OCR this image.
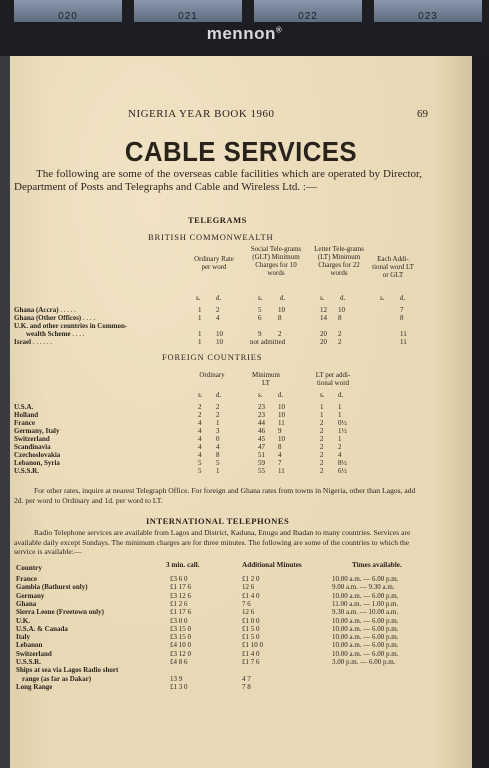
020	021	022	023
mennon®
NIGERIA YEAR BOOK 1960	69
CABLE SERVICES
The following are some of the overseas cable facilities which are operated by Director, Department of Posts and Telegraphs and Cable and Wireless Ltd. :—
TELEGRAMS
BRITISH COMMONWEALTH
Ordinary Rate per word
Social Tele-grams (GLT) Minimum Charges for 10 words
Letter Tele-grams (LT) Minimum Charges for 22 words
Each Addi-tional word LT or GLT
s. d.	s.	d.	s. d.	s. d.
Ghana (Accra) . . . . .	1 2	5 10	12 10	7
Ghana (Other Offices) . . . .	1 4	6 8	14 8	8
U.K. and other countries in Common-
wealth Scheme . . . .	1 10	9 2	20 2	11
Israel . . . . . .	1 10	not admitted	20 2	11
FOREIGN COUNTRIES
Ordinary	Minimum LT
LT per addi-tional word
s. d.	s. d.	s. d.
U.S.A.	2 2	23 10	1 1
Holland	2 2	23 10	1 1
France	4 1	44 11	2 0½
Germany, Italy	4 3	46 9	2 1½
Switzerland	4 0	45 10	2 1
Scandinavia	4 4	47 8	2 2
Czechoslovakia	4 8	51 4	2 4
Lebanon, Syria	5 5	59 7	2 8½
U.S.S.R.	5 1	55 11	2 6½
For other rates, inquire at nearest Telegraph Office. For foreign and Ghana rates from towns in Nigeria, other than Lagos, add 2d. per word to Ordinary and 1d. per word to LT.
INTERNATIONAL TELEPHONES
Radio Telephone services are available from Lagos and District, Kaduna, Enugu and Ibadan to many countries. Services are available daily except Sundays. The minimum charges are for three minutes. The following are some of the countries to which the service is available:—
Country	3 min. call.	Additional Minutes	Times available.
France	£3 6 0	£1 2 0	10.00 a.m. — 6.00 p.m.
Gambia (Bathurst only)	£1 17 6	12 6	9.00 a.m. — 9.30 a.m.
Germany	£3 12 6	£1 4 0	10.00 a.m. — 6.00 p.m.
Ghana	£1 2 6	7 6	11.00 a.m. — 1.00 p.m.
Sierra Leone (Freetown only)	£1 17 6	12 6	9.30 a.m. — 10.00 a.m.
U.K.	£3 0 0	£1 0 0	10.00 a.m. — 6.00 p.m.
U.S.A. & Canada	£3 15 0	£1 5 0	10.00 a.m. — 6.00 p.m.
Italy	£3 15 0	£1 5 0	10.00 a.m. — 6.00 p.m.
Lebanon	£4 10 0	£1 10 0	10.00 a.m. — 6.00 p.m.
Switzerland	£3 12 0	£1 4 0	10.00 a.m. — 6.00 p.m.
U.S.S.R.	£4 8 6	£1 7 6	3.00 p.m. — 6.00 p.m.
Ships at sea via Lagos Radio short
range (as far as Dakar)	13 9	4 7
Long Range	£1 3 0	7 8
